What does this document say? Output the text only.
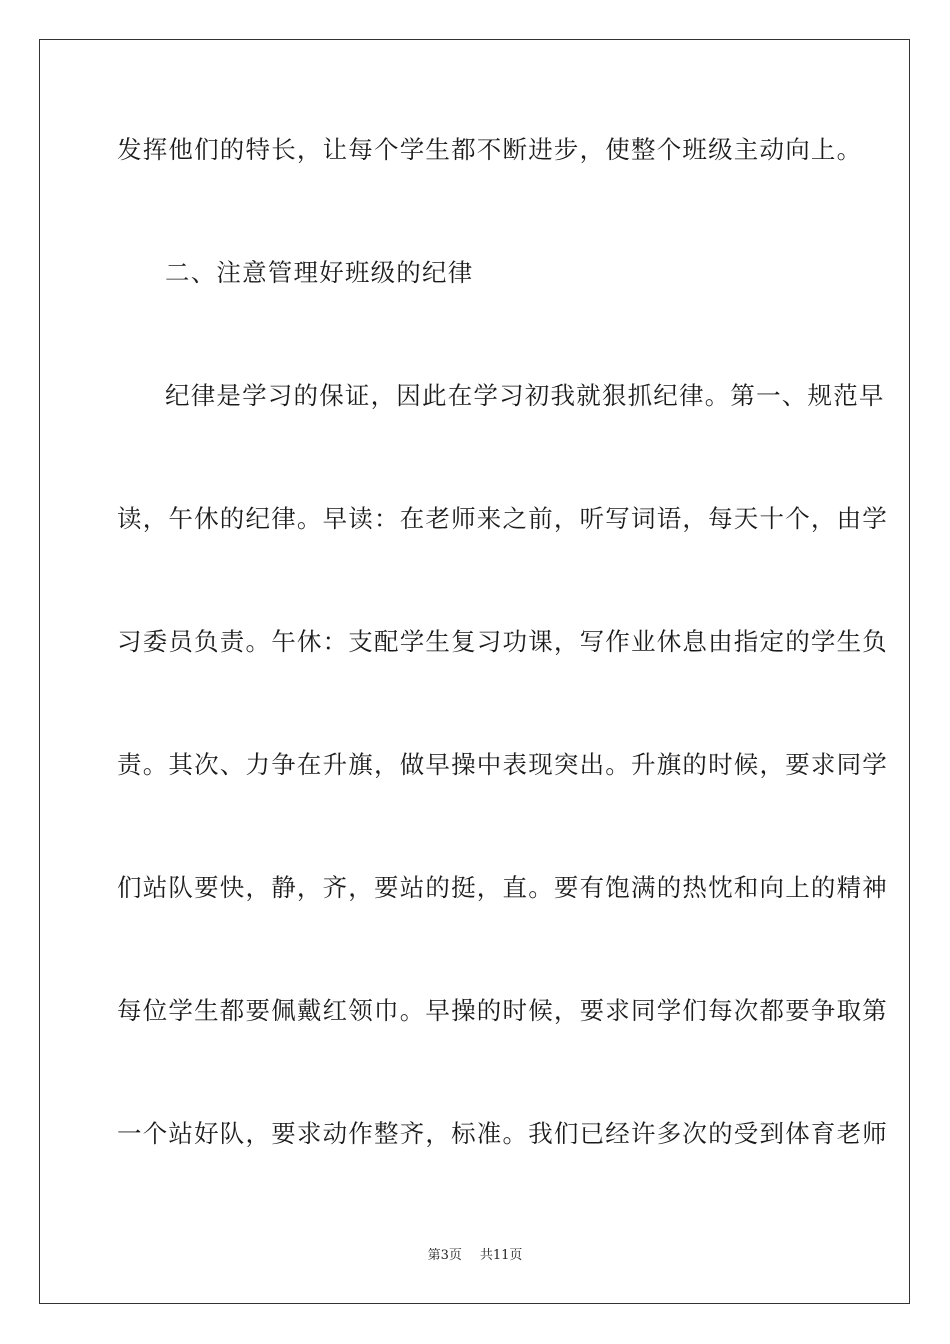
发挥他们的特长，让每个学生都不断进步，使整个班级主动向上。
二、注意管理好班级的纪律
纪律是学习的保证，因此在学习初我就狠抓纪律。第一、规范早
读，午休的纪律。早读：在老师来之前，听写词语，每天十个，由学
习委员负责。午休：支配学生复习功课，写作业休息由指定的学生负
责。其次、力争在升旗，做早操中表现突出。升旗的时候，要求同学
们站队要快，静，齐，要站的挺，直。要有饱满的热忱和向上的精神
每位学生都要佩戴红领巾。早操的时候，要求同学们每次都要争取第
一个站好队，要求动作整齐，标准。我们已经许多次的受到体育老师
第3页 共11页
